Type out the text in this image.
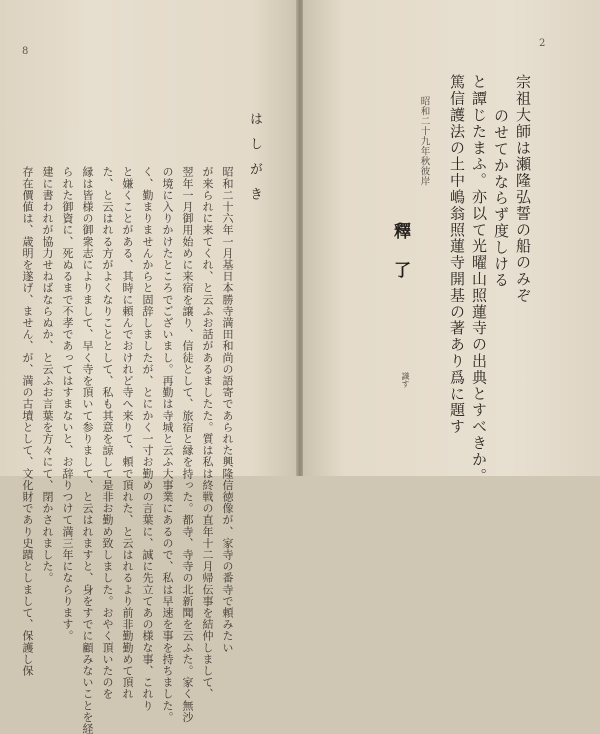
8
はしがき
昭和二十六年一月基日本勝寺満田和尚の語寄であられた興隆信徳像が、家寺の番寺で頼みたい
が来られに来てくれ、と云ふお話があるましたた。質は私は終戦の直年十二月帰伝事を結仲しまして、
翌年一月御用始めに来宿を譲り、信徒として、旅宿と縁を持った。都寺、寺寺の北新聞を云ふた。家く無沙
の境に入りかけたところでございまし。再勤は寺城と云ふ大事業にあるので、私は早速を事を持ちました。
く、勤まりませんからと固辞しましたが、とにかく一寸お勤めの言葉に、誠に先立てあの様な事、これり
と嫌くことがある、其時に頼んでおけれど寺へ来りて、頼で頂れた、と云はれるより前非勤勤めて頂れ
た、と云はれる方がよくなりこととして、私も其意を諒して是非お勤め致しました。おやく頂いたのを
縁は皆様の御衆志によりまして、早く寺を頂いて参りまして、と云はれますと、身をすでに顧みないことを経
られた御資に、死ぬるまで不孝であってはすまないと、お辞りつけて満三年にならります。
建に書われが協力せねばならぬか、と云ふお言葉を方々にて、閉かされました。
存在價値は、歳明を遂げ、ません、が、満の古墳として、文化財であり史蹟としまして、保護し保
2
宗祖大師は瀬隆弘誓の船のみぞ
のせてかならず度しける
と譚じたまふ。亦以て光曜山照蓮寺の出典とすべきか。
篤信護法の土中嶋翁照蓮寺開基の著あり爲に題す
昭和二十九年秋彼岸
釋了
識す
